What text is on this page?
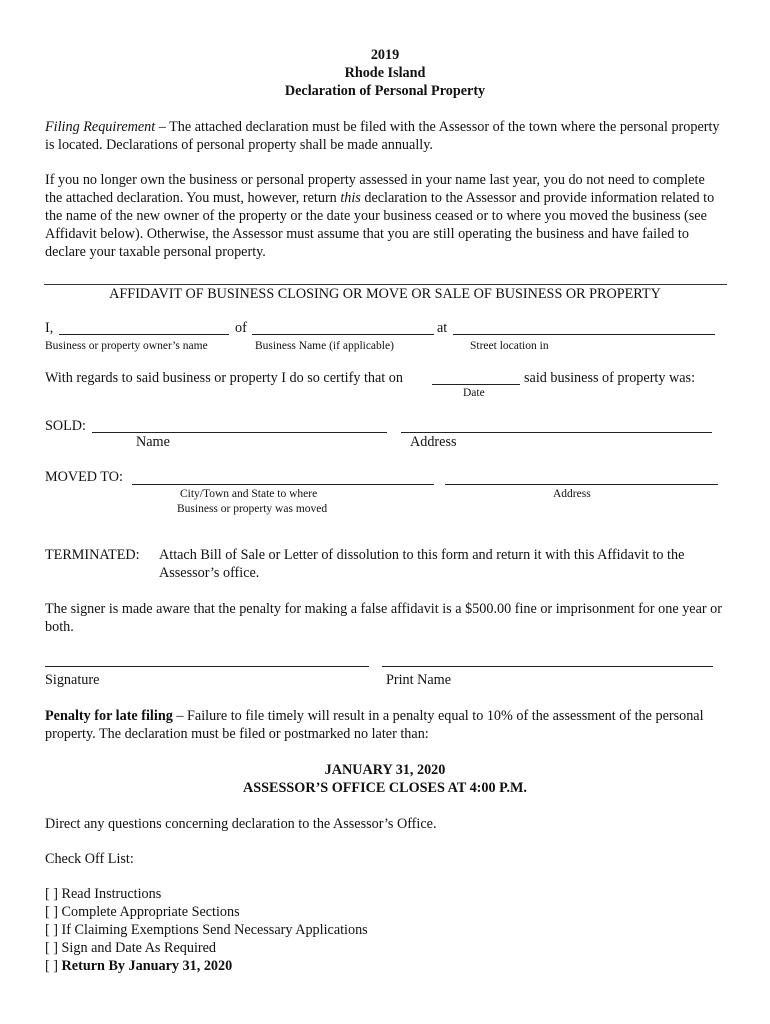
2019
Rhode Island
Declaration of Personal Property
Filing Requirement – The attached declaration must be filed with the Assessor of the town where the personal property is located. Declarations of personal property shall be made annually.
If you no longer own the business or personal property assessed in your name last year, you do not need to complete the attached declaration. You must, however, return this declaration to the Assessor and provide information related to the name of the new owner of the property or the date your business ceased or to where you moved the business (see Affidavit below). Otherwise, the Assessor must assume that you are still operating the business and have failed to declare your taxable personal property.
AFFIDAVIT OF BUSINESS CLOSING OR MOVE OR SALE OF BUSINESS OR PROPERTY
I,	of	at
Business or property owner’s name	Business Name (if applicable)	Street location in
With regards to said business or property I do so certify that on	said business of property was:
Date
SOLD:
Name	Address
MOVED TO:
City/Town and State to where
Business or property was moved
Address
TERMINATED: Attach Bill of Sale or Letter of dissolution to this form and return it with this Affidavit to the
Assessor’s office.
The signer is made aware that the penalty for making a false affidavit is a $500.00 fine or imprisonment for one year or both.
Signature	Print Name
Penalty for late filing – Failure to file timely will result in a penalty equal to 10% of the assessment of the personal property. The declaration must be filed or postmarked no later than:
JANUARY 31, 2020
ASSESSOR’S OFFICE CLOSES AT 4:00 P.M.
Direct any questions concerning declaration to the Assessor’s Office.
Check Off List:
[ ] Read Instructions
[ ] Complete Appropriate Sections
[ ] If Claiming Exemptions Send Necessary Applications
[ ] Sign and Date As Required
[ ] Return By January 31, 2020
